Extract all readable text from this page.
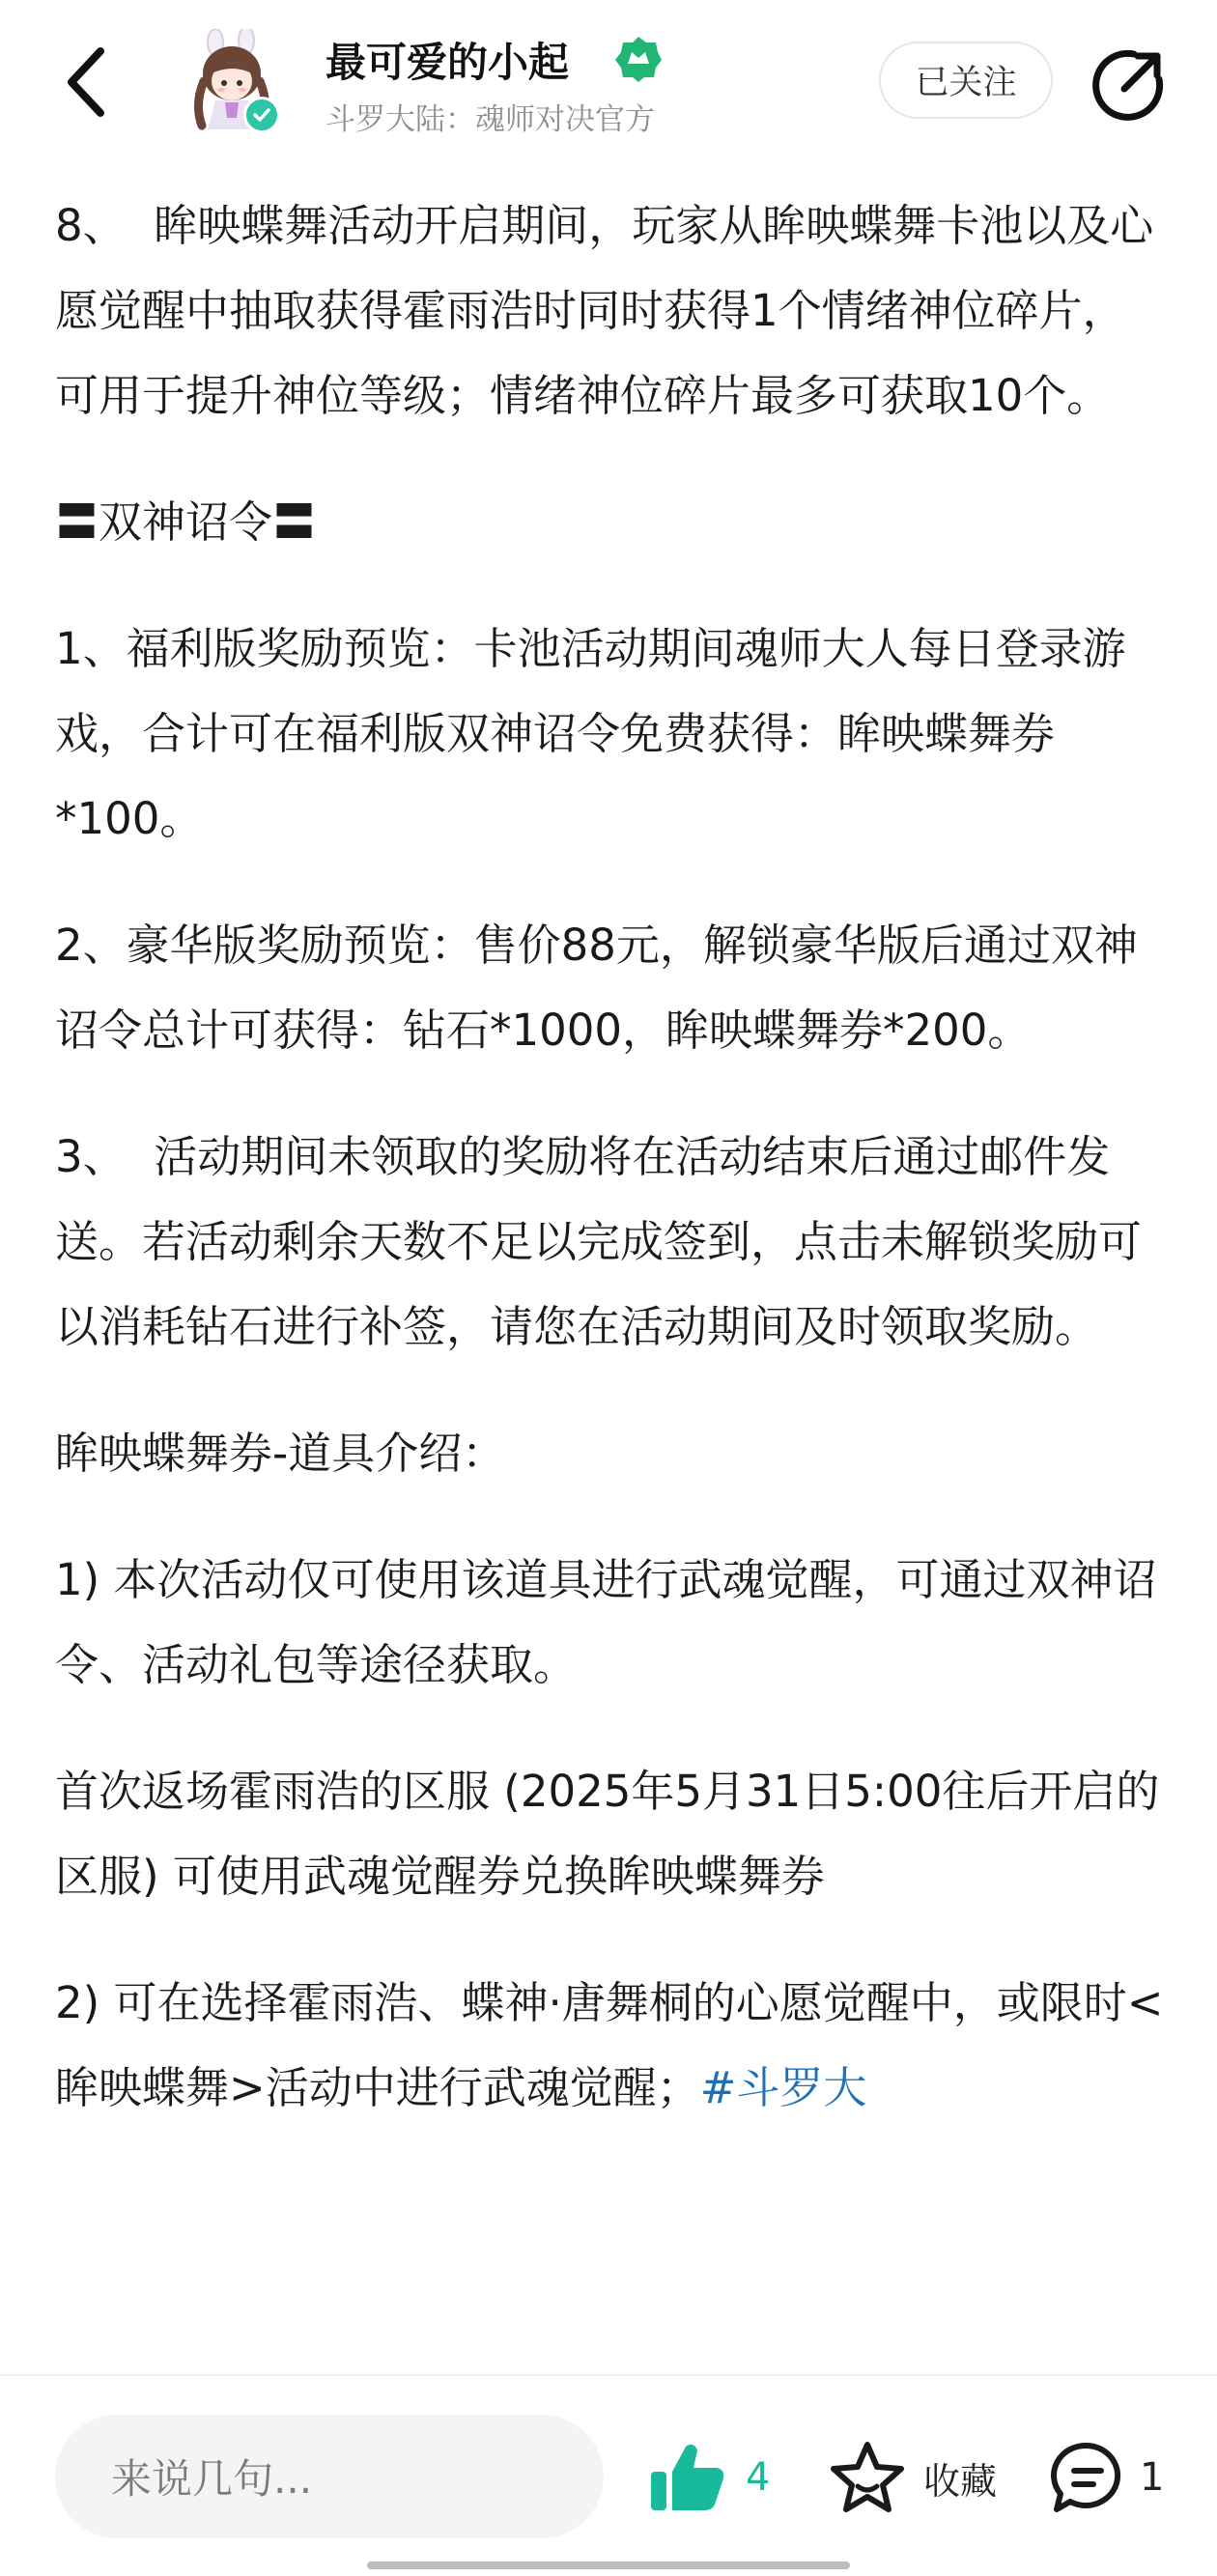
最可爱的小起
斗罗大陆：魂师对决官方
已关注

8、  眸映蝶舞活动开启期间，玩家从眸映蝶舞卡池以及心愿觉醒中抽取获得霍雨浩时同时获得1个情绪神位碎片，可用于提升神位等级；情绪神位碎片最多可获取10个。

〓双神诏令〓

1、福利版奖励预览：卡池活动期间魂师大人每日登录游戏，合计可在福利版双神诏令免费获得：眸映蝶舞券*100。

2、豪华版奖励预览：售价88元，解锁豪华版后通过双神诏令总计可获得：钻石*1000，眸映蝶舞券*200。

3、  活动期间未领取的奖励将在活动结束后通过邮件发送。若活动剩余天数不足以完成签到，点击未解锁奖励可以消耗钻石进行补签，请您在活动期间及时领取奖励。

眸映蝶舞券-道具介绍：

1) 本次活动仅可使用该道具进行武魂觉醒，可通过双神诏令、活动礼包等途径获取。

首次返场霍雨浩的区服 (2025年5月31日5:00往后开启的区服) 可使用武魂觉醒券兑换眸映蝶舞券

2) 可在选择霍雨浩、蝶神·唐舞桐的心愿觉醒中，或限时<眸映蝶舞>活动中进行武魂觉醒；#斗罗大

来说几句...	4	收藏	1
